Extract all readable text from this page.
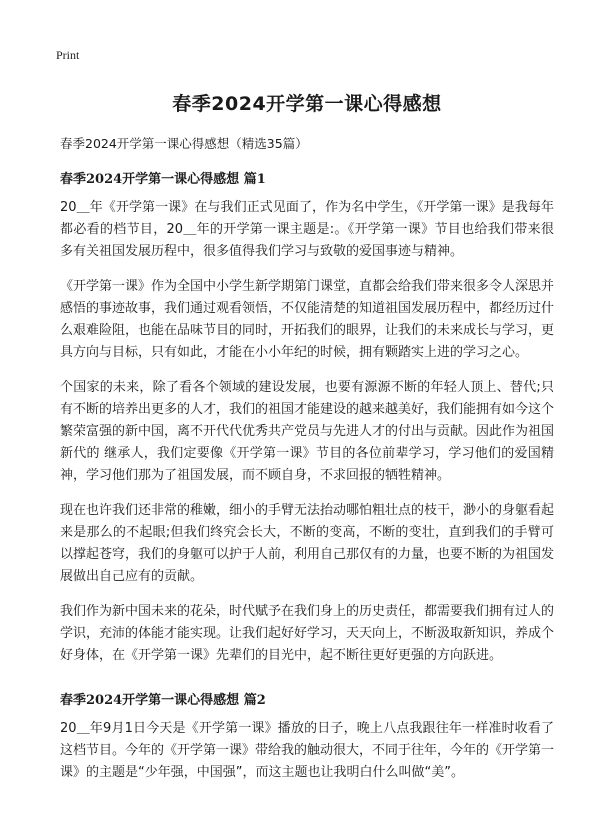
Print
春季2024开学第一课心得感想

春季2024开学第一课心得感想（精选35篇）

春季2024开学第一课心得感想 篇1

20＿年《开学第一课》在与我们正式见面了，作为名中学生，《开学第一课》是我每年都必看的档节目，20＿年的开学第一课主题是:。《开学第一课》节目也给我们带来很多有关祖国发展历程中，很多值得我们学习与致敬的爱国事迹与精神。

《开学第一课》作为全国中小学生新学期第门课堂，直都会给我们带来很多令人深思并感悟的事迹故事，我们通过观看领悟，不仅能清楚的知道祖国发展历程中，都经历过什么艰难险阻，也能在品味节目的同时，开拓我们的眼界，让我们的未来成长与学习，更具方向与目标，只有如此，才能在小小年纪的时候，拥有颗踏实上进的学习之心。

个国家的未来，除了看各个领域的建设发展，也要有源源不断的年轻人顶上、替代;只有不断的培养出更多的人才，我们的祖国才能建设的越来越美好，我们能拥有如今这个繁荣富强的新中国，离不开代代优秀共产党员与先进人才的付出与贡献。因此作为祖国新代的 继承人，我们定要像《开学第一课》节目的各位前辈学习，学习他们的爱国精神，学习他们那为了祖国发展，而不顾自身，不求回报的牺牲精神。

现在也许我们还非常的稚嫩，细小的手臂无法抬动哪怕粗壮点的枝干，渺小的身躯看起来是那么的不起眼;但我们终究会长大，不断的变高，不断的变壮，直到我们的手臂可以撑起苍穹，我们的身躯可以护于人前，利用自己那仅有的力量，也要不断的为祖国发展做出自己应有的贡献。

我们作为新中国未来的花朵，时代赋予在我们身上的历史责任，都需要我们拥有过人的学识，充沛的体能才能实现。让我们起好好学习，天天向上，不断汲取新知识，养成个好身体，在《开学第一课》先辈们的目光中，起不断往更好更强的方向跃进。

春季2024开学第一课心得感想 篇2

20＿年9月1日今天是《开学第一课》播放的日子，晚上八点我跟往年一样准时收看了这档节目。今年的《开学第一课》带给我的触动很大，不同于往年，今年的《开学第一课》的主题是“少年强，中国强”，而这主题也让我明白什么叫做“美”。
